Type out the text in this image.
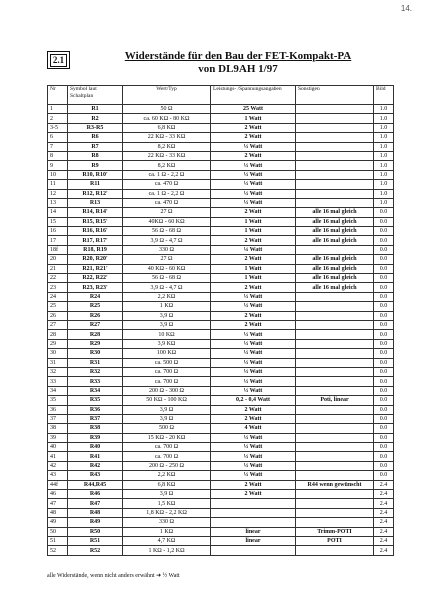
14.
2.1	Widerstände für den Bau der FET-Kompakt-PA
von DL9AH 1/97
Nr	Symbol laut Schaltplan	Wert/Typ	Leistungs- /Spannungsangaben	Sonstigen	Bild
1	R1	50 Ω	25 Watt		1.0
2	R2	ca. 60 KΩ - 80 KΩ	1 Watt		1.0
3-5	R3-R5	6,8 KΩ	2 Watt		1.0
6	R6	22 KΩ - 33 KΩ	2 Watt		1.0
7	R7	8,2 KΩ	½ Watt		1.0
8	R8	22 KΩ - 33 KΩ	2 Watt		1.0
9	R9	8,2 KΩ	½ Watt		1.0
10	R10, R10'	ca. 1 Ω - 2,2 Ω	½ Watt		1.0
11	R11	ca. 470 Ω	½ Watt		1.0
12	R12, R12'	ca. 1 Ω - 2,2 Ω	½ Watt		1.0
13	R13	ca. 470 Ω	½ Watt		1.0
14	R14, R14'	27 Ω	2 Watt	alle 16 mal gleich	0.0
15	R15, R15'	40KΩ - 60 KΩ	1 Watt	alle 16 mal gleich	0.0
16	R16, R16'	56 Ω - 68 Ω	1 Watt	alle 16 mal gleich	0.0
17	R17, R17'	3,9 Ω - 4,7 Ω	2 Watt	alle 16 mal gleich	0.0
18f	R18, R19	330 Ω	¼ Watt		0.0
20	R20, R20'	27 Ω	2 Watt	alle 16 mal gleich	0.0
21	R21, R21'	40 KΩ - 60 KΩ	1 Watt	alle 16 mal gleich	0.0
22	R22, R22'	56 Ω - 68 Ω	1 Watt	alle 16 mal gleich	0.0
23	R23, R23'	3,9 Ω - 4,7 Ω	2 Watt	alle 16 mal gleich	0.0
24	R24	2,2 KΩ	½ Watt		0.0
25	R25	1 KΩ	½ Watt		0.0
26	R26	3,9 Ω	2 Watt		0.0
27	R27	3,9 Ω	2 Watt		0.0
28	R28	10 KΩ	½ Watt		0.0
29	R29	3,9 KΩ	½ Watt		0.0
30	R30	100 KΩ	½ Watt		0.0
31	R31	ca. 500 Ω	½ Watt		0.0
32	R32	ca. 700 Ω	½ Watt		0.0
33	R33	ca. 700 Ω	½ Watt		0.0
34	R34	200 Ω - 300 Ω	½ Watt		0.0
35	R35	50 KΩ - 100 KΩ	0,2 - 0,4 Watt	Poti, linear	0.0
36	R36	3,9 Ω	2 Watt		0.0
37	R37	3,9 Ω	2 Watt		0.0
38	R38	500 Ω	4 Watt		0.0
39	R39	15 KΩ - 20 KΩ	½ Watt		0.0
40	R40	ca. 700 Ω	½ Watt		0.0
41	R41	ca. 700 Ω	½ Watt		0.0
42	R42	200 Ω - 250 Ω	½ Watt		0.0
43	R43	2,2 KΩ	½ Watt		0.0
44f	R44,R45	6,8 KΩ	2 Watt	R44 wenn gewünscht	2.4
46	R46	3,9 Ω	2 Watt		2.4
47	R47	1,5 KΩ			2.4
48	R48	1,8 KΩ - 2,2 KΩ			2.4
49	R49	330 Ω			2.4
50	R50	1 KΩ	linear	Trimm-POTI	2.4
51	R51	4,7 KΩ	linear	POTI	2.4
52	R52	1 KΩ - 1,2 KΩ			2.4
alle Widerstände, wenn nicht anders erwähnt ➜ ½ Watt
